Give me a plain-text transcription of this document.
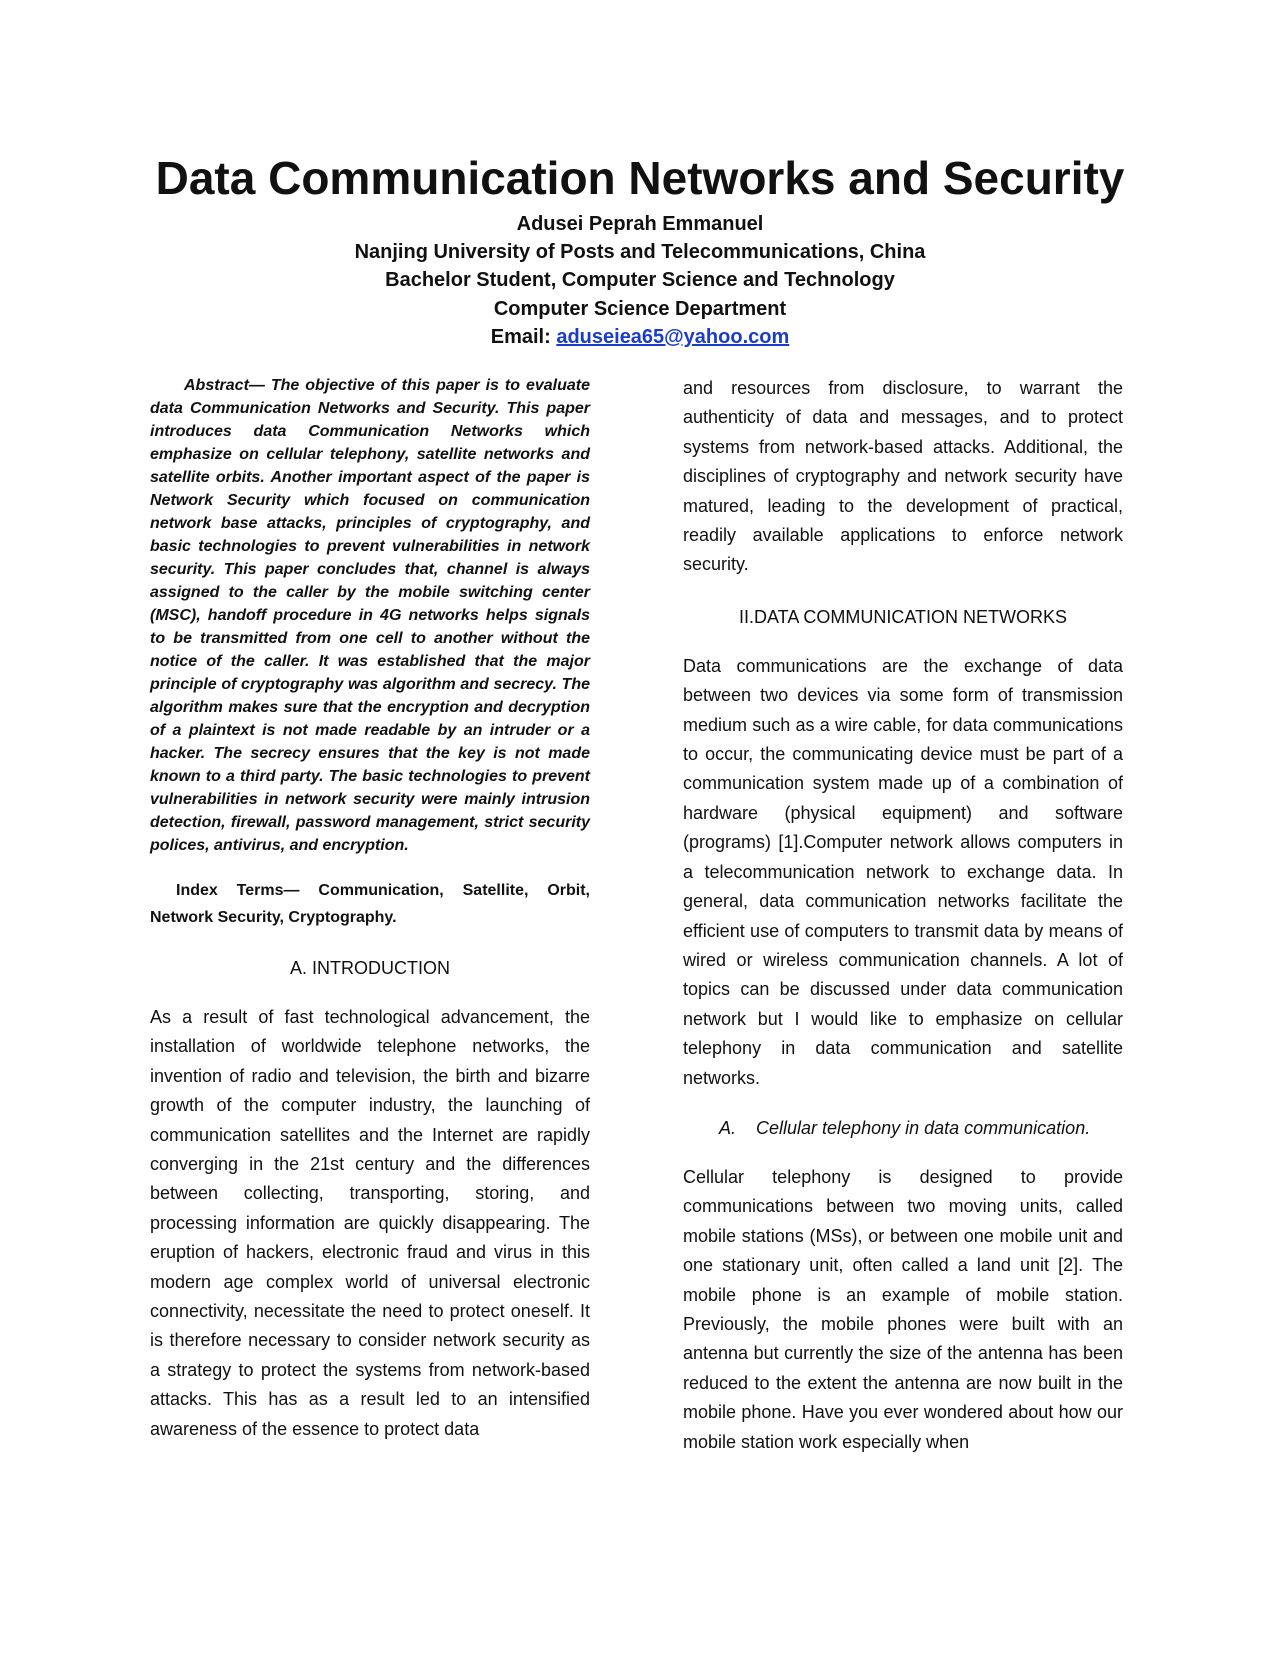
Data Communication Networks and Security
Adusei Peprah Emmanuel
Nanjing University of Posts and Telecommunications, China
Bachelor Student, Computer Science and Technology
Computer Science Department
Email: aduseiea65@yahoo.com

Abstract— The objective of this paper is to evaluate data Communication Networks and Security. This paper introduces data Communication Networks which emphasize on cellular telephony, satellite networks and satellite orbits. Another important aspect of the paper is Network Security which focused on communication network base attacks, principles of cryptography, and basic technologies to prevent vulnerabilities in network security. This paper concludes that, channel is always assigned to the caller by the mobile switching center (MSC), handoff procedure in 4G networks helps signals to be transmitted from one cell to another without the notice of the caller. It was established that the major principle of cryptography was algorithm and secrecy. The algorithm makes sure that the encryption and decryption of a plaintext is not made readable by an intruder or a hacker. The secrecy ensures that the key is not made known to a third party. The basic technologies to prevent vulnerabilities in network security were mainly intrusion detection, firewall, password management, strict security polices, antivirus, and encryption.

Index Terms— Communication, Satellite, Orbit, Network Security, Cryptography.

A. INTRODUCTION

As a result of fast technological advancement, the installation of worldwide telephone networks, the invention of radio and television, the birth and bizarre growth of the computer industry, the launching of communication satellites and the Internet are rapidly converging in the 21st century and the differences between collecting, transporting, storing, and processing information are quickly disappearing. The eruption of hackers, electronic fraud and virus in this modern age complex world of universal electronic connectivity, necessitate the need to protect oneself. It is therefore necessary to consider network security as a strategy to protect the systems from network-based attacks. This has as a result led to an intensified awareness of the essence to protect data

and resources from disclosure, to warrant the authenticity of data and messages, and to protect systems from network-based attacks. Additional, the disciplines of cryptography and network security have matured, leading to the development of practical, readily available applications to enforce network security.

II.DATA COMMUNICATION NETWORKS

Data communications are the exchange of data between two devices via some form of transmission medium such as a wire cable, for data communications to occur, the communicating device must be part of a communication system made up of a combination of hardware (physical equipment) and software (programs) [1].Computer network allows computers in a telecommunication network to exchange data. In general, data communication networks facilitate the efficient use of computers to transmit data by means of wired or wireless communication channels. A lot of topics can be discussed under data communication network but I would like to emphasize on cellular telephony in data communication and satellite networks.

A. Cellular telephony in data communication.

Cellular telephony is designed to provide communications between two moving units, called mobile stations (MSs), or between one mobile unit and one stationary unit, often called a land unit [2]. The mobile phone is an example of mobile station. Previously, the mobile phones were built with an antenna but currently the size of the antenna has been reduced to the extent the antenna are now built in the mobile phone. Have you ever wondered about how our mobile station work especially when
